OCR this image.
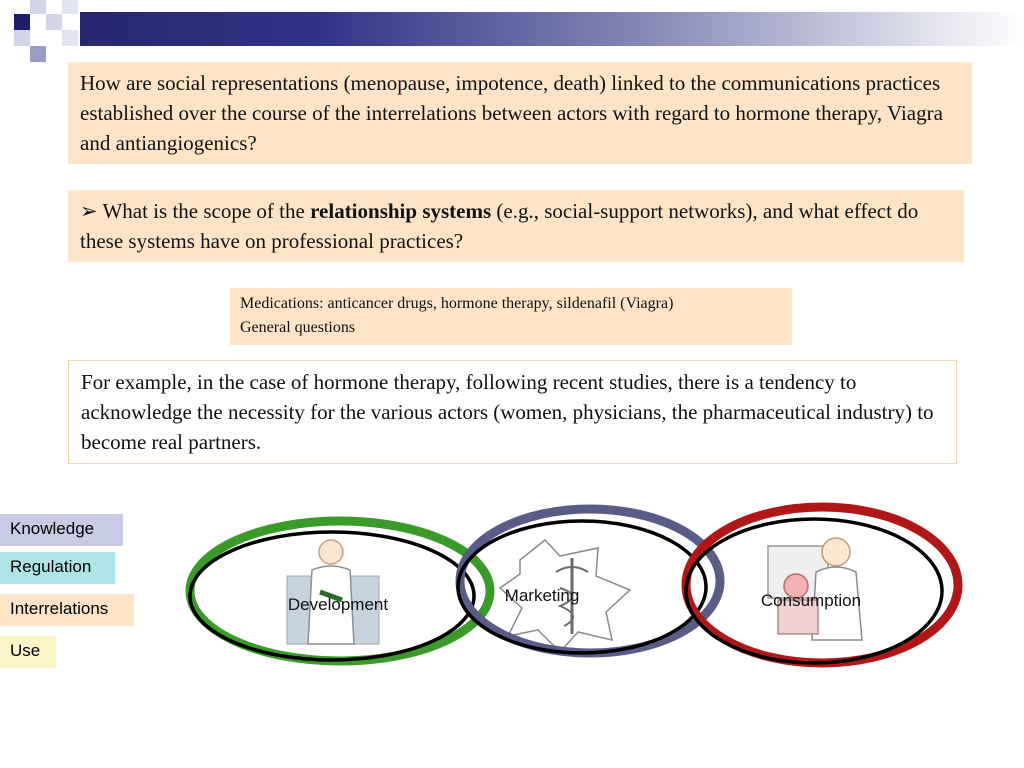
How are social representations (menopause, impotence, death) linked to the communications practices established over the course of the interrelations between actors with regard to hormone therapy, Viagra and antiangiogenics?
➢ What is the scope of the relationship systems (e.g., social-support networks), and what effect do these systems have on professional practices?
Medications: anticancer drugs, hormone therapy, sildenafil (Viagra)
General questions
For example, in the case of hormone therapy, following recent studies, there is a tendency to acknowledge the necessity for the various actors (women, physicians, the pharmaceutical industry) to become real partners.
Knowledge
Regulation
Interrelations
Use
Development	Marketing	Consumption
